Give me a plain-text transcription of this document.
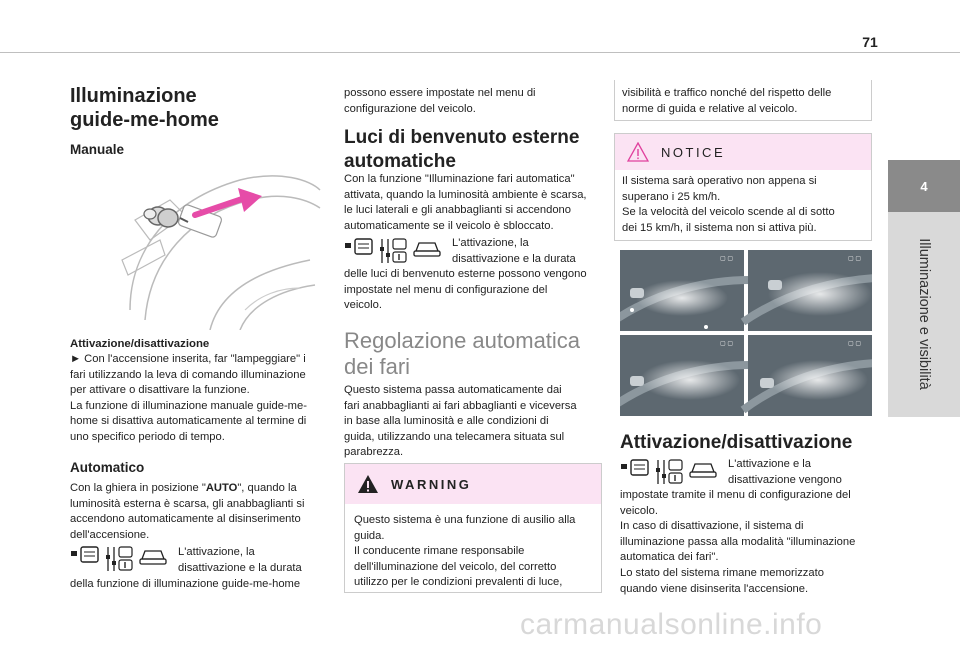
71
4
Illuminazione e visibilità
Illuminazione
guide-me-home
Manuale
Attivazione/disattivazione

► Con l'accensione inserita, far "lampeggiare" i
fari utilizzando la leva di comando illuminazione
per attivare o disattivare la funzione.
La funzione di illuminazione manuale guide-me-
home si disattiva automaticamente al termine di
uno specifico periodo di tempo.

Automatico

Con la ghiera in posizione "AUTO", quando la
luminosità esterna è scarsa, gli anabbaglianti si
accendono automaticamente al disinserimento
dell'accensione.

L'attivazione, la
disattivazione e la durata

della funzione di illuminazione guide-me-home

possono essere impostate nel menu di
configurazione del veicolo.

Luci di benvenuto esterne
automatiche

Con la funzione "Illuminazione fari automatica"
attivata, quando la luminosità ambiente è scarsa,
le luci laterali e gli anabbaglianti si accendono
automaticamente se il veicolo è sbloccato.

L'attivazione, la
disattivazione e la durata

delle luci di benvenuto esterne possono vengono
impostate nel menu di configurazione del
veicolo.

Regolazione automatica
dei fari

Questo sistema passa automaticamente dai
fari anabbaglianti ai fari abbaglianti e viceversa
in base alla luminosità e alle condizioni di
guida, utilizzando una telecamera situata sul
parabrezza.

WARNING

Questo sistema è una funzione di ausilio alla
guida.
Il conducente rimane responsabile
dell'illuminazione del veicolo, del corretto
utilizzo per le condizioni prevalenti di luce,

visibilità e traffico nonché del rispetto delle
norme di guida e relative al veicolo.

NOTICE

Il sistema sarà operativo non appena si
superano i 25 km/h.
Se la velocità del veicolo scende al di sotto
dei 15 km/h, il sistema non si attiva più.

▢ ▢	▢ ▢
▢ ▢	▢ ▢
Attivazione/disattivazione

L'attivazione e la
disattivazione vengono

impostate tramite il menu di configurazione del
veicolo.
In caso di disattivazione, il sistema di
illuminazione passa alla modalità "illuminazione
automatica dei fari".
Lo stato del sistema rimane memorizzato
quando viene disinserita l'accensione.

carmanualsonline.info
